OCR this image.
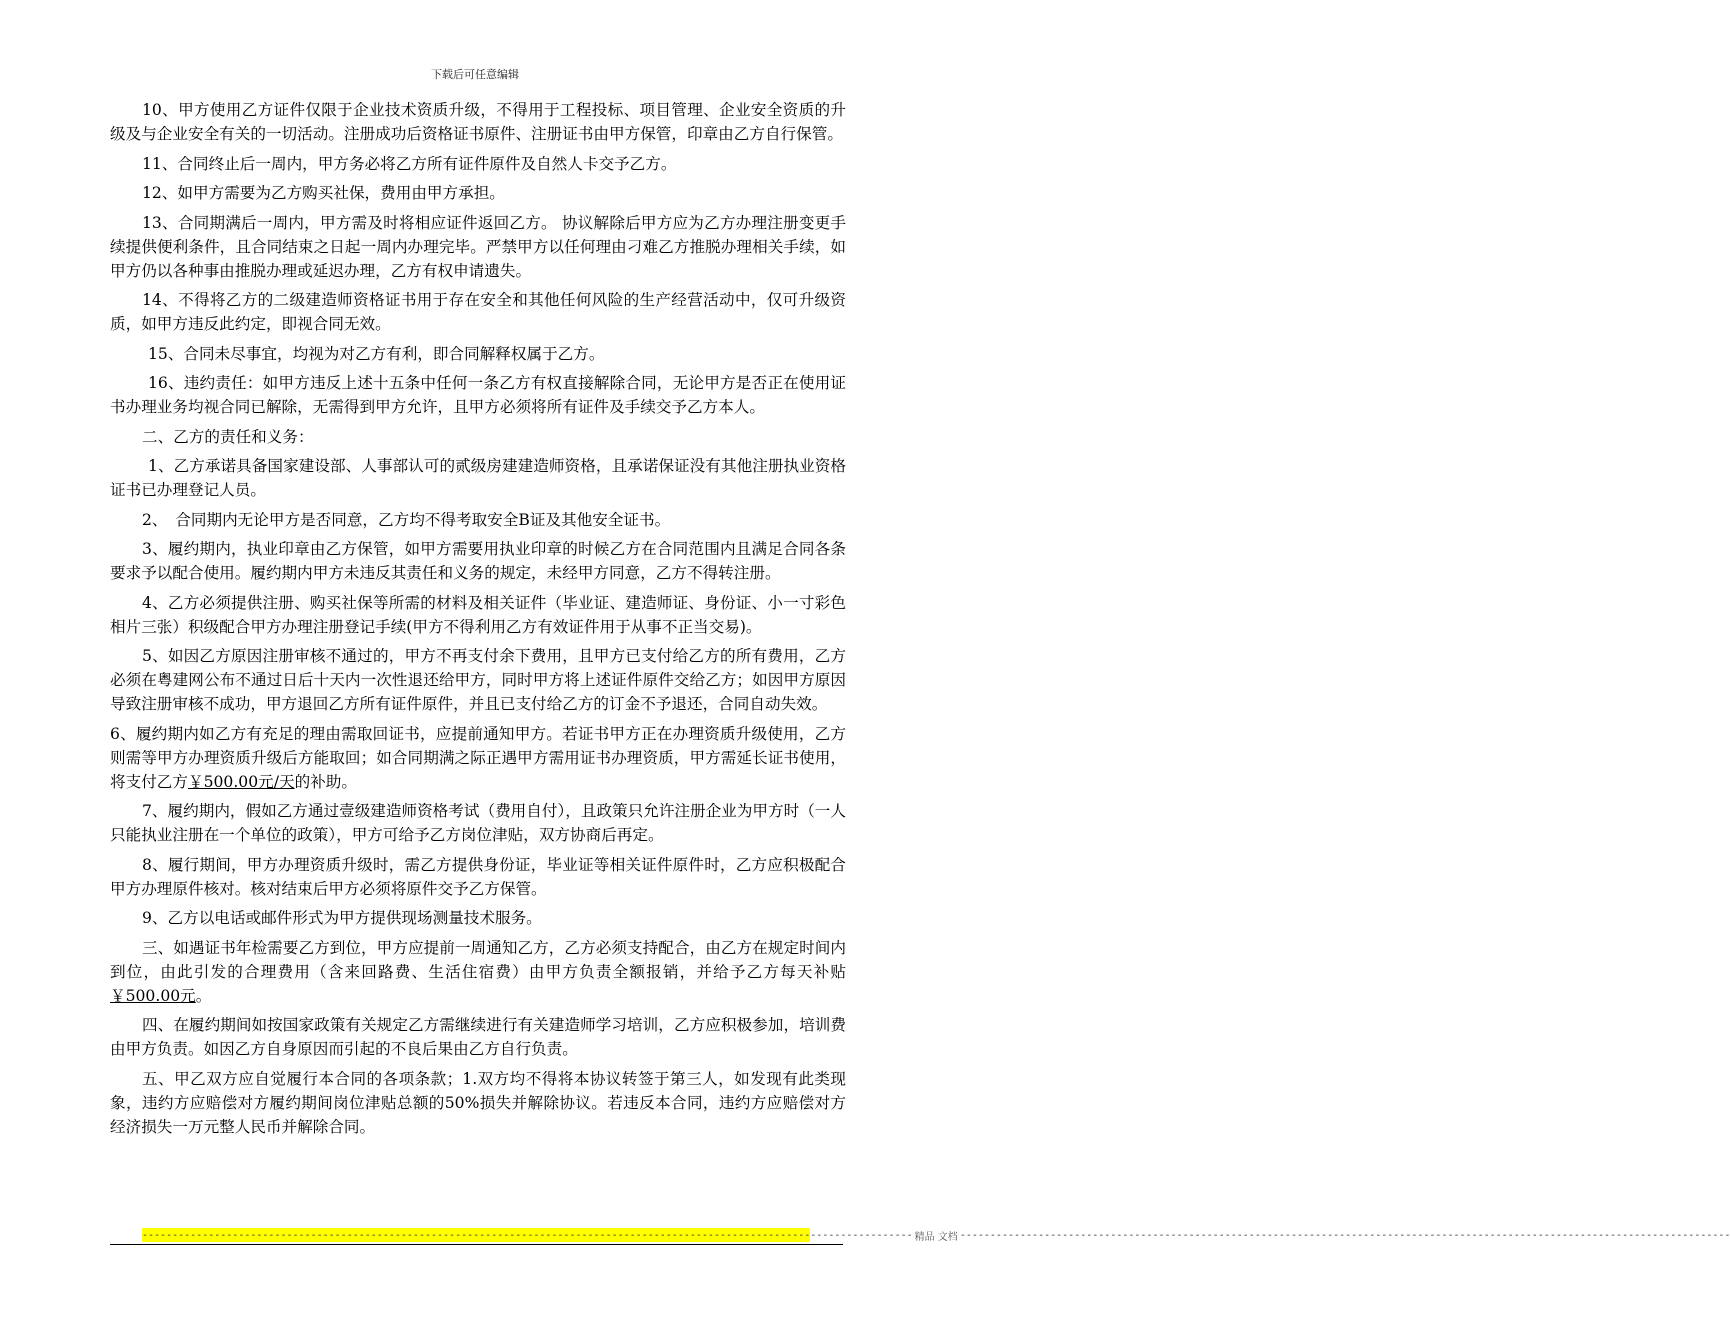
下载后可任意编辑

10、甲方使用乙方证件仅限于企业技术资质升级，不得用于工程投标、项目管理、企业安全资质的升级及与企业安全有关的一切活动。注册成功后资格证书原件、注册证书由甲方保管，印章由乙方自行保管。

11、合同终止后一周内，甲方务必将乙方所有证件原件及自然人卡交予乙方。

12、如甲方需要为乙方购买社保，费用由甲方承担。

13、合同期满后一周内，甲方需及时将相应证件返回乙方。 协议解除后甲方应为乙方办理注册变更手续提供便利条件，且合同结束之日起一周内办理完毕。严禁甲方以任何理由刁难乙方推脱办理相关手续，如甲方仍以各种事由推脱办理或延迟办理，乙方有权申请遗失。

14、不得将乙方的二级建造师资格证书用于存在安全和其他任何风险的生产经营活动中，仅可升级资质，如甲方违反此约定，即视合同无效。

15、合同未尽事宜，均视为对乙方有利，即合同解释权属于乙方。

16、违约责任：如甲方违反上述十五条中任何一条乙方有权直接解除合同，无论甲方是否正在使用证书办理业务均视合同已解除，无需得到甲方允许，且甲方必须将所有证件及手续交予乙方本人。

二、乙方的责任和义务：

1、乙方承诺具备国家建设部、人事部认可的贰级房建建造师资格，且承诺保证没有其他注册执业资格证书已办理登记人员。

2、　合同期内无论甲方是否同意，乙方均不得考取安全B证及其他安全证书。

3、履约期内，执业印章由乙方保管，如甲方需要用执业印章的时候乙方在合同范围内且满足合同各条要求予以配合使用。履约期内甲方未违反其责任和义务的规定，未经甲方同意，乙方不得转注册。

4、乙方必须提供注册、购买社保等所需的材料及相关证件（毕业证、建造师证、身份证、小一寸彩色相片三张）积级配合甲方办理注册登记手续(甲方不得利用乙方有效证件用于从事不正当交易)。

5、如因乙方原因注册审核不通过的，甲方不再支付余下费用，且甲方已支付给乙方的所有费用，乙方必须在粤建网公布不通过日后十天内一次性退还给甲方，同时甲方将上述证件原件交给乙方；如因甲方原因导致注册审核不成功，甲方退回乙方所有证件原件，并且已支付给乙方的订金不予退还，合同自动失效。

6、履约期内如乙方有充足的理由需取回证书，应提前通知甲方。若证书甲方正在办理资质升级使用，乙方则需等甲方办理资质升级后方能取回；如合同期满之际正遇甲方需用证书办理资质，甲方需延长证书使用，将支付乙方￥500.00元/天的补助。

7、履约期内，假如乙方通过壹级建造师资格考试（费用自付），且政策只允许注册企业为甲方时（一人只能执业注册在一个单位的政策），甲方可给予乙方岗位津贴，双方协商后再定。

8、履行期间，甲方办理资质升级时，需乙方提供身份证，毕业证等相关证件原件时，乙方应积极配合甲方办理原件核对。核对结束后甲方必须将原件交予乙方保管。

9、乙方以电话或邮件形式为甲方提供现场测量技术服务。

三、如遇证书年检需要乙方到位，甲方应提前一周通知乙方，乙方必须支持配合，由乙方在规定时间内到位，由此引发的合理费用（含来回路费、生活住宿费）由甲方负责全额报销，并给予乙方每天补贴￥500.00元。

四、在履约期间如按国家政策有关规定乙方需继续进行有关建造师学习培训，乙方应积极参加，培训费由甲方负责。如因乙方自身原因而引起的不良后果由乙方自行负责。

五、甲乙双方应自觉履行本合同的各项条款；1.双方均不得将本协议转签于第三人，如发现有此类现象，违约方应赔偿对方履约期间岗位津贴总额的50%损失并解除协议。若违反本合同，违约方应赔偿对方经济损失一万元整人民币并解除合同。

-------------------------------------------------------------------------------------------------------------------------------- 精品 文档 --------------------------------------------------------------------------------------------------------------------------------
